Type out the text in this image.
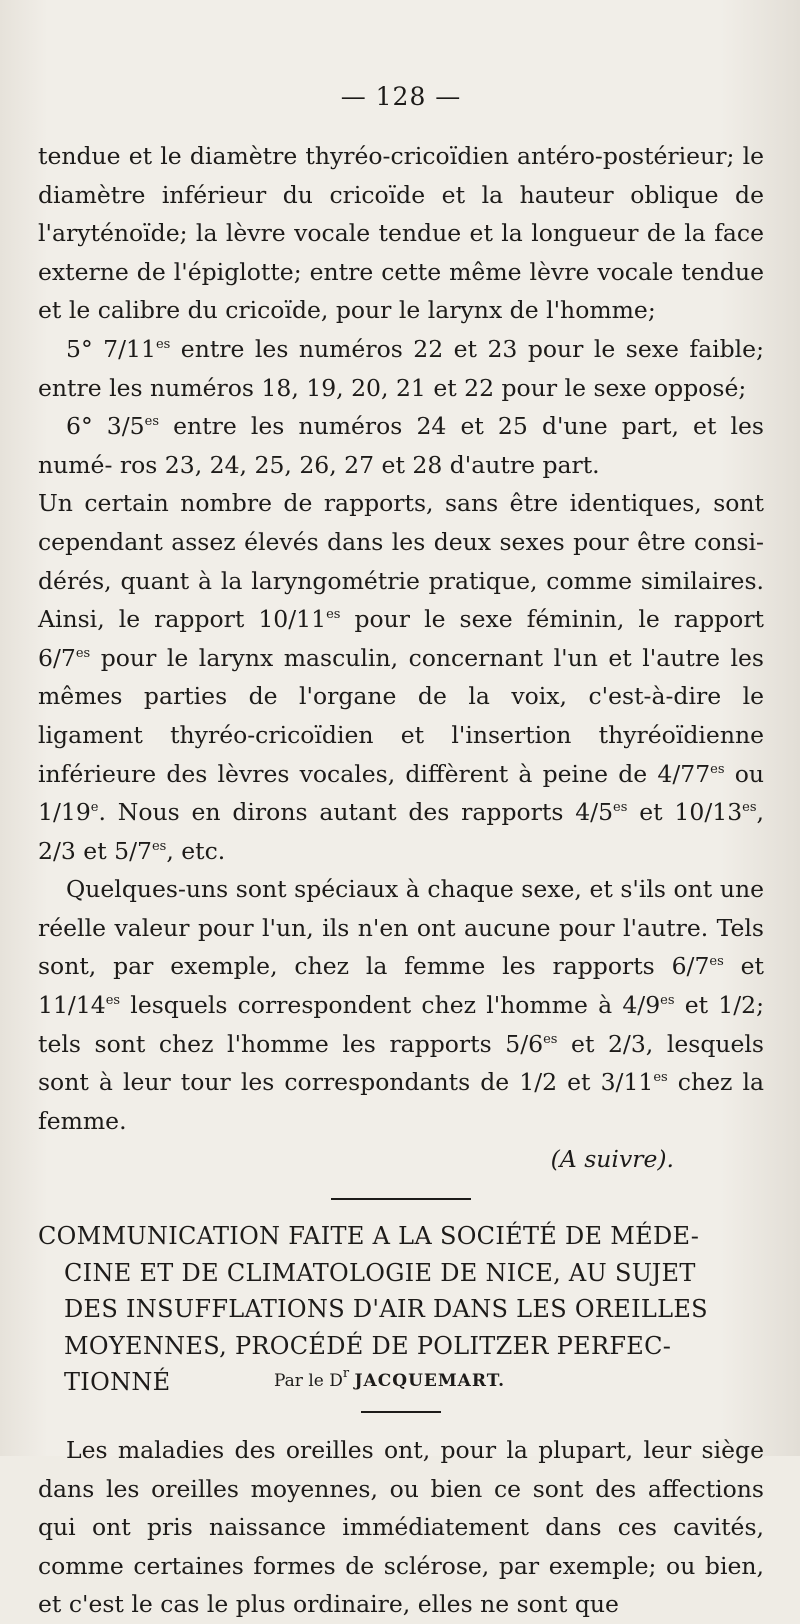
— 128 —

tendue et le diamètre thyréo-cricoïdien antéro-postérieur; le diamètre inférieur du cricoïde et la hauteur oblique de l'aryténoïde; la lèvre vocale tendue et la longueur de la face externe de l'épiglotte; entre cette même lèvre vocale tendue et le calibre du cricoïde, pour le larynx de l'homme;

5° $7/11^{es}$ entre les numéros 22 et 23 pour le sexe faible; entre les numéros 18, 19, 20, 21 et 22 pour le sexe opposé;

6° $3/5^{es}$ entre les numéros 24 et 25 d'une part, et les numé- ros 23, 24, 25, 26, 27 et 28 d'autre part.

Un certain nombre de rapports, sans être identiques, sont cependant assez élevés dans les deux sexes pour être consi-dérés, quant à la laryngométrie pratique, comme similaires. Ainsi, le rapport $10/11^{es}$ pour le sexe féminin, le rapport $6/7^{es}$ pour le larynx masculin, concernant l'un et l'autre les mêmes parties de l'organe de la voix, c'est-à-dire le ligament thyréo-cricoïdien et l'insertion thyréoïdienne inférieure des lèvres vocales, diffèrent à peine de $4/77^{es}$ ou 1/19e. Nous en dirons autant des rapports $4/5^{es}$ et $10/13^{es}$, 2/3 et $5/7^{es}$, etc.

Quelques-uns sont spéciaux à chaque sexe, et s'ils ont une réelle valeur pour l'un, ils n'en ont aucune pour l'autre. Tels sont, par exemple, chez la femme les rapports $6/7^{es}$ et $11/14^{es}$ lesquels correspondent chez l'homme à $4/9^{es}$ et 1/2; tels sont chez l'homme les rapports $5/6^{es}$ et 2/3, lesquels sont à leur tour les correspondants de 1/2 et $3/11^{es}$ chez la femme.

(A suivre).
COMMUNICATION FAITE A LA SOCIÉTÉ DE MÉDE-
CINE ET DE CLIMATOLOGIE DE NICE, AU SUJET
DES INSUFFLATIONS D'AIR DANS LES OREILLES
MOYENNES, PROCÉDÉ DE POLITZER PERFEC-
TIONNÉ	Par le $D^r$ JACQUEMART.

Les maladies des oreilles ont, pour la plupart, leur siège dans les oreilles moyennes, ou bien ce sont des affections qui ont pris naissance immédiatement dans ces cavités, comme certaines formes de sclérose, par exemple; ou bien, et c'est le cas le plus ordinaire, elles ne sont que
